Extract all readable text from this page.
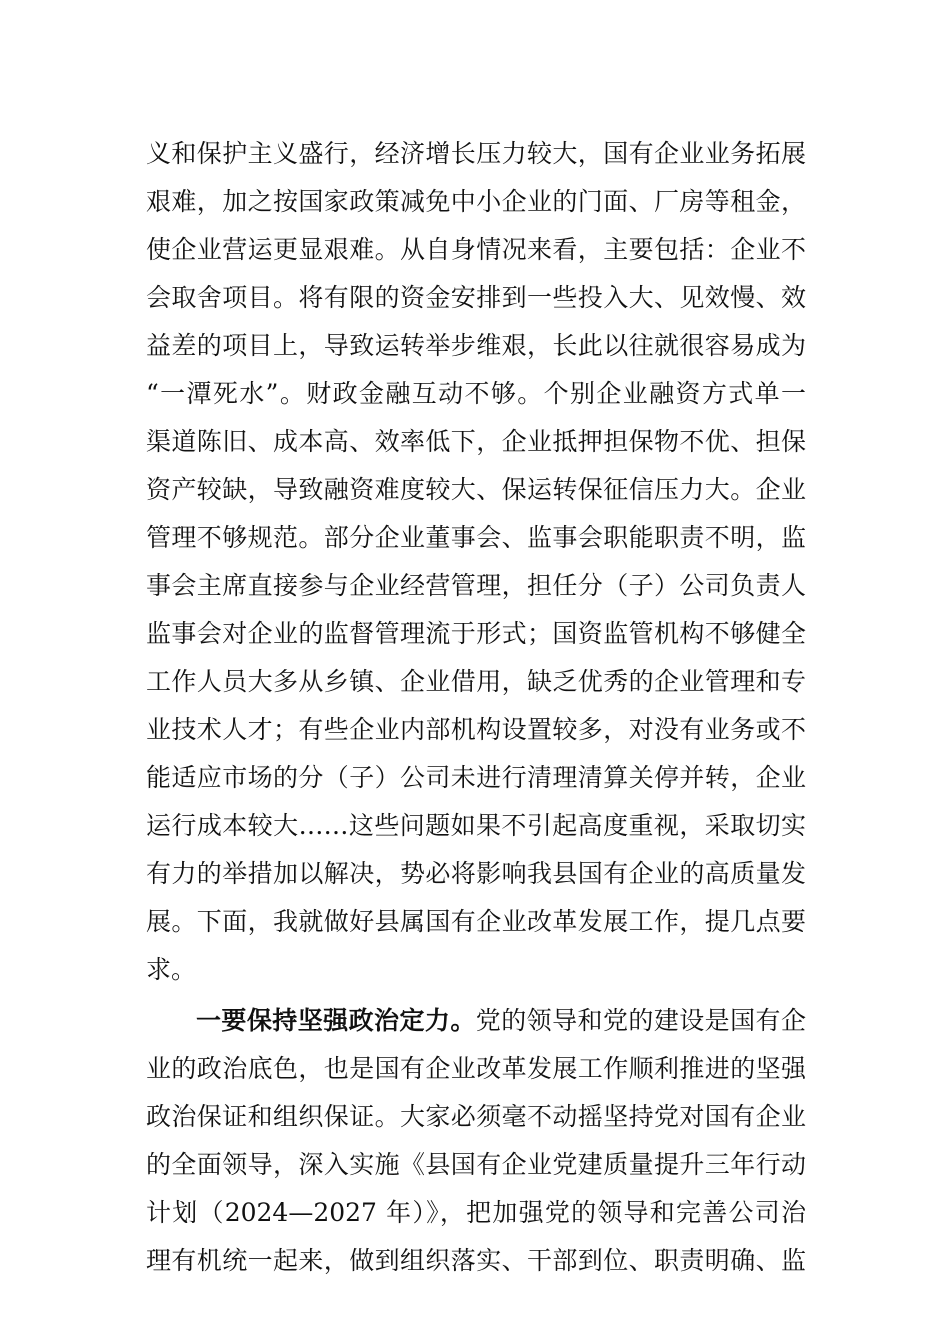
义和保护主义盛行，经济增长压力较大，国有企业业务拓展
艰难，加之按国家政策减免中小企业的门面、厂房等租金，
使企业营运更显艰难。从自身情况来看，主要包括：企业不
会取舍项目。将有限的资金安排到一些投入大、见效慢、效
益差的项目上，导致运转举步维艰，长此以往就很容易成为
“一潭死水”。财政金融互动不够。个别企业融资方式单一
渠道陈旧、成本高、效率低下，企业抵押担保物不优、担保
资产较缺，导致融资难度较大、保运转保征信压力大。企业
管理不够规范。部分企业董事会、监事会职能职责不明，监
事会主席直接参与企业经营管理，担任分（子）公司负责人
监事会对企业的监督管理流于形式；国资监管机构不够健全
工作人员大多从乡镇、企业借用，缺乏优秀的企业管理和专
业技术人才；有些企业内部机构设置较多，对没有业务或不
能适应市场的分（子）公司未进行清理清算关停并转，企业
运行成本较大……这些问题如果不引起高度重视，采取切实
有力的举措加以解决，势必将影响我县国有企业的高质量发
展。下面，我就做好县属国有企业改革发展工作，提几点要
求。
一要保持坚强政治定力。党的领导和党的建设是国有企
业的政治底色，也是国有企业改革发展工作顺利推进的坚强
政治保证和组织保证。大家必须毫不动摇坚持党对国有企业
的全面领导，深入实施《县国有企业党建质量提升三年行动
计划（2024—2027 年）》，把加强党的领导和完善公司治
理有机统一起来，做到组织落实、干部到位、职责明确、监
